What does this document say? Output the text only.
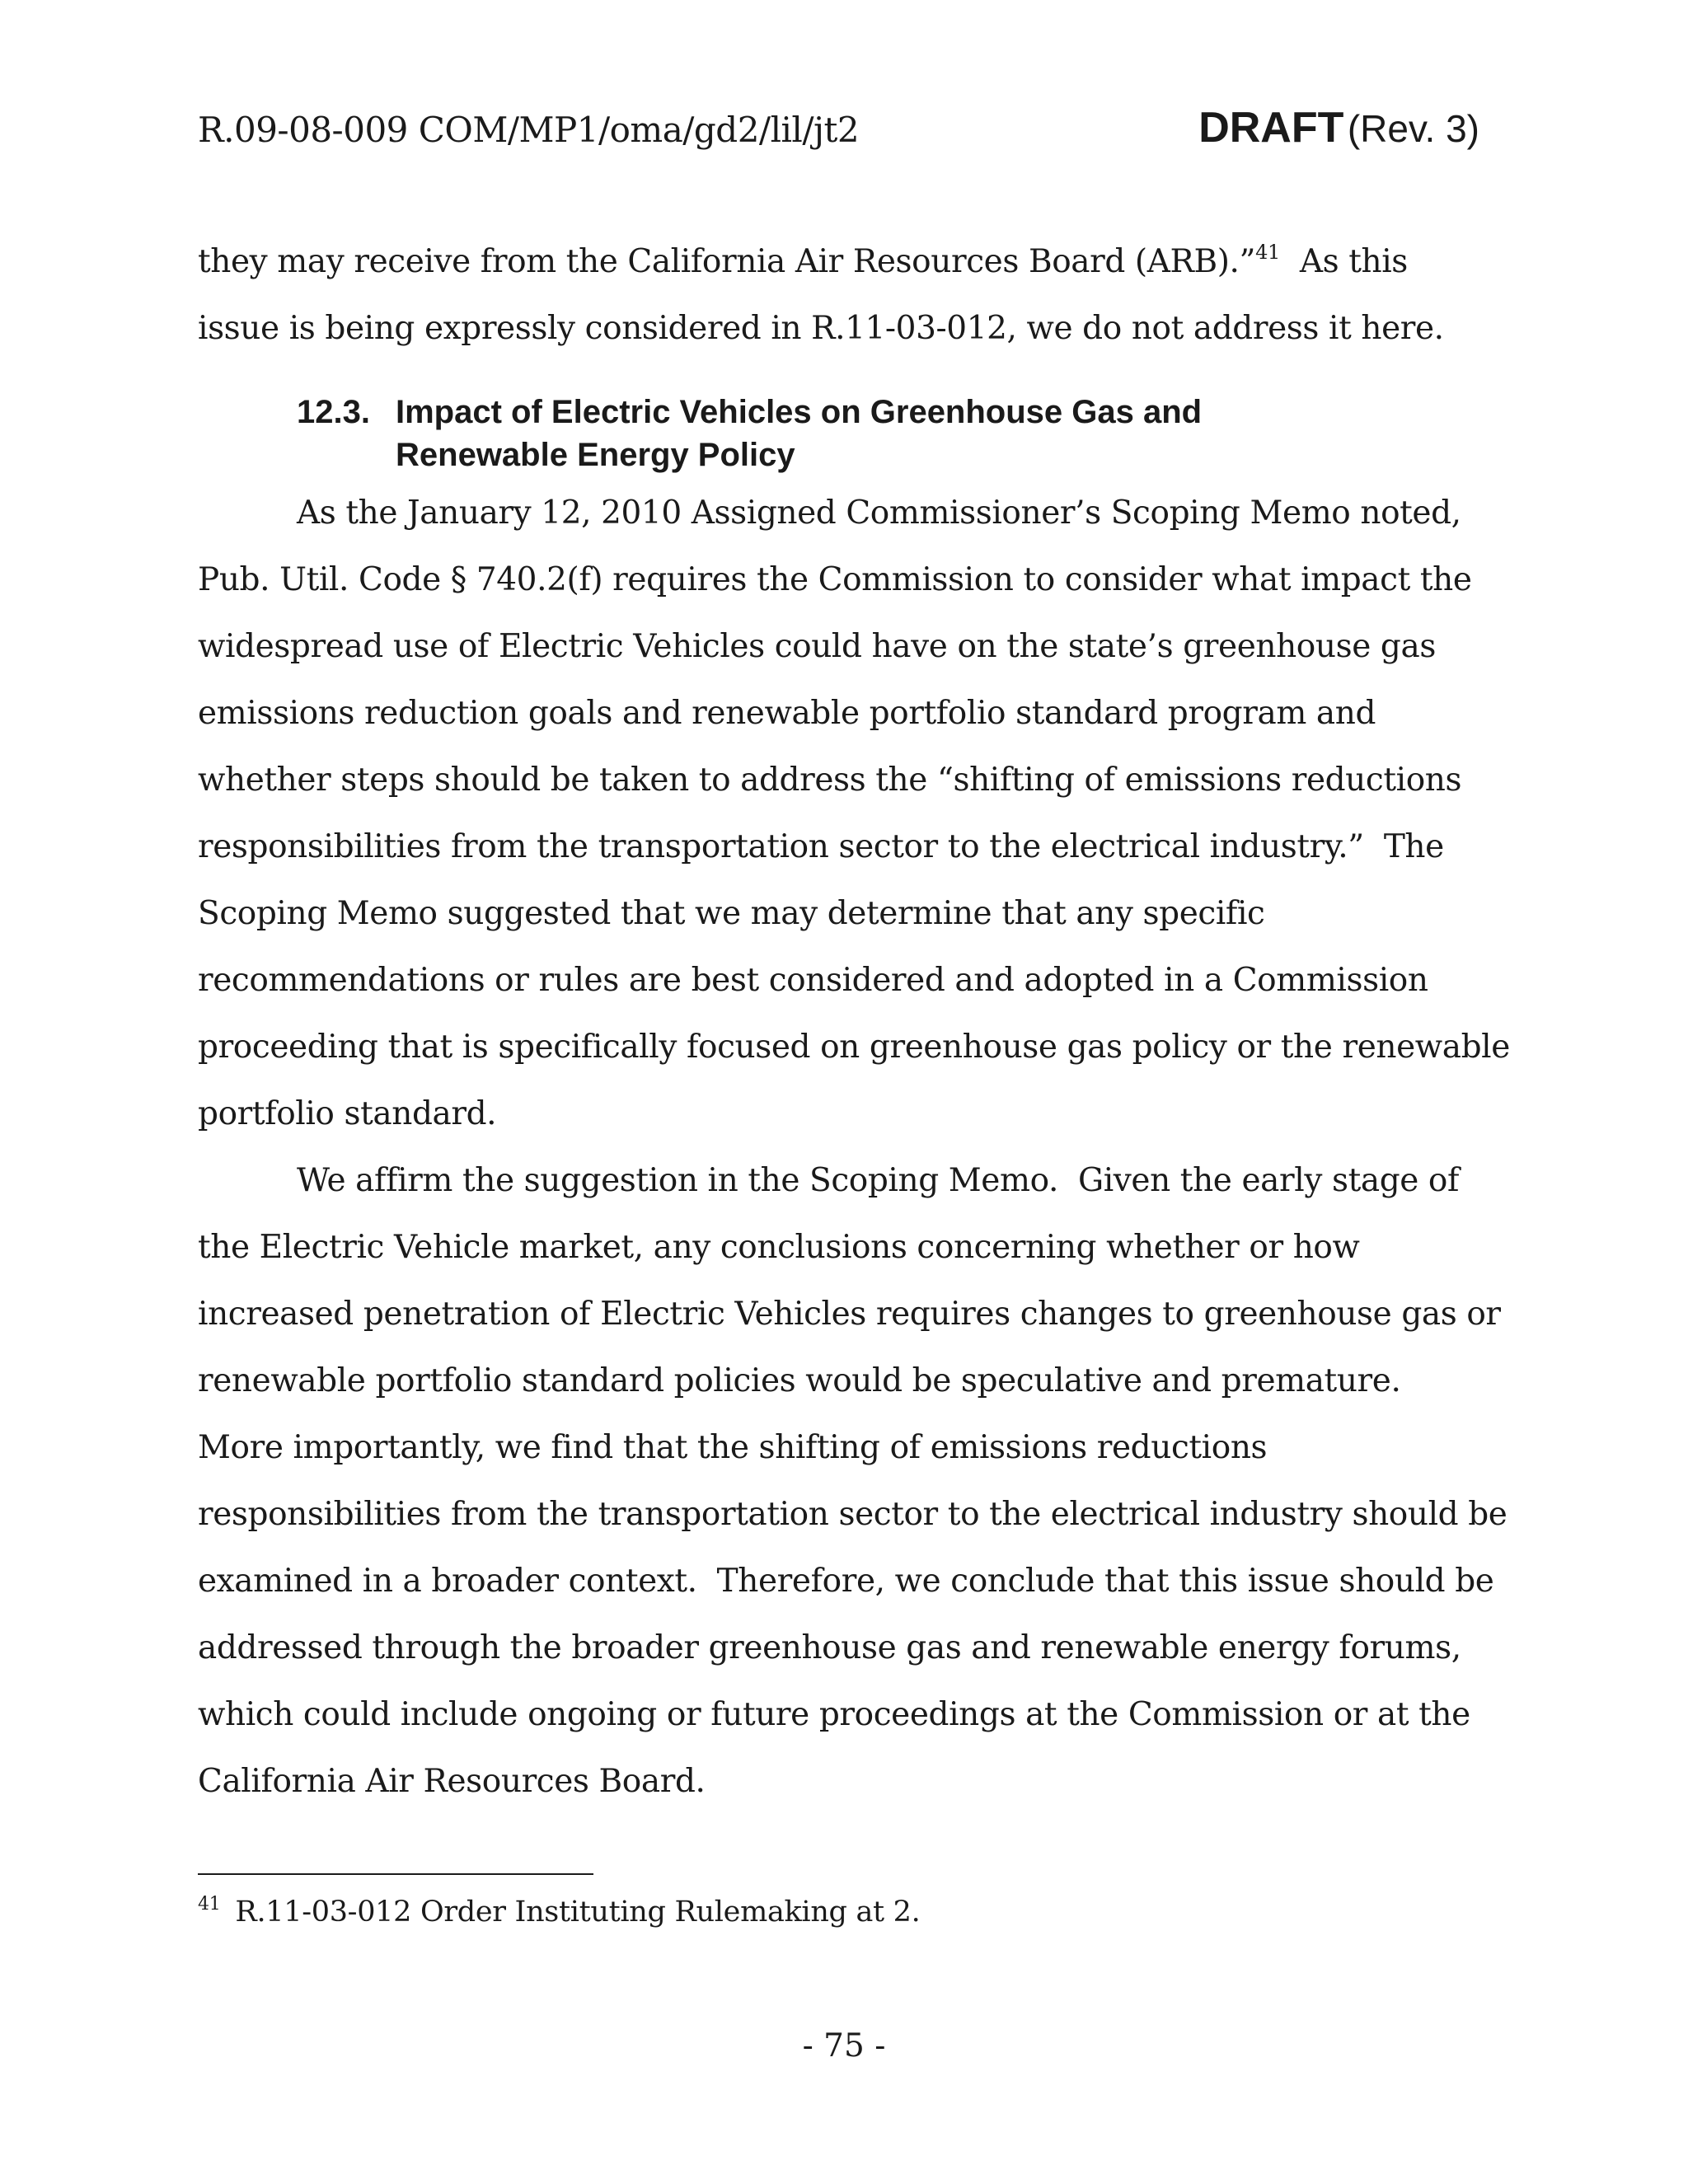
R.09-08-009 COM/MP1/oma/gd2/lil/jt2	DRAFT (Rev. 3)
they may receive from the California Air Resources Board (ARB).”$^{41}$  As this
issue is being expressly considered in R.11-03-012, we do not address it here.
12.3. Impact of Electric Vehicles on Greenhouse Gas and
Renewable Energy Policy
As the January 12, 2010 Assigned Commissioner’s Scoping Memo noted,
Pub. Util. Code § 740.2(f) requires the Commission to consider what impact the
widespread use of Electric Vehicles could have on the state’s greenhouse gas
emissions reduction goals and renewable portfolio standard program and
whether steps should be taken to address the “shifting of emissions reductions
responsibilities from the transportation sector to the electrical industry.”  The
Scoping Memo suggested that we may determine that any specific
recommendations or rules are best considered and adopted in a Commission
proceeding that is specifically focused on greenhouse gas policy or the renewable
portfolio standard.
We affirm the suggestion in the Scoping Memo.  Given the early stage of
the Electric Vehicle market, any conclusions concerning whether or how
increased penetration of Electric Vehicles requires changes to greenhouse gas or
renewable portfolio standard policies would be speculative and premature.
More importantly, we find that the shifting of emissions reductions
responsibilities from the transportation sector to the electrical industry should be
examined in a broader context.  Therefore, we conclude that this issue should be
addressed through the broader greenhouse gas and renewable energy forums,
which could include ongoing or future proceedings at the Commission or at the
California Air Resources Board.
$^{41}$ R.11-03-012 Order Instituting Rulemaking at 2.
- 75 -
